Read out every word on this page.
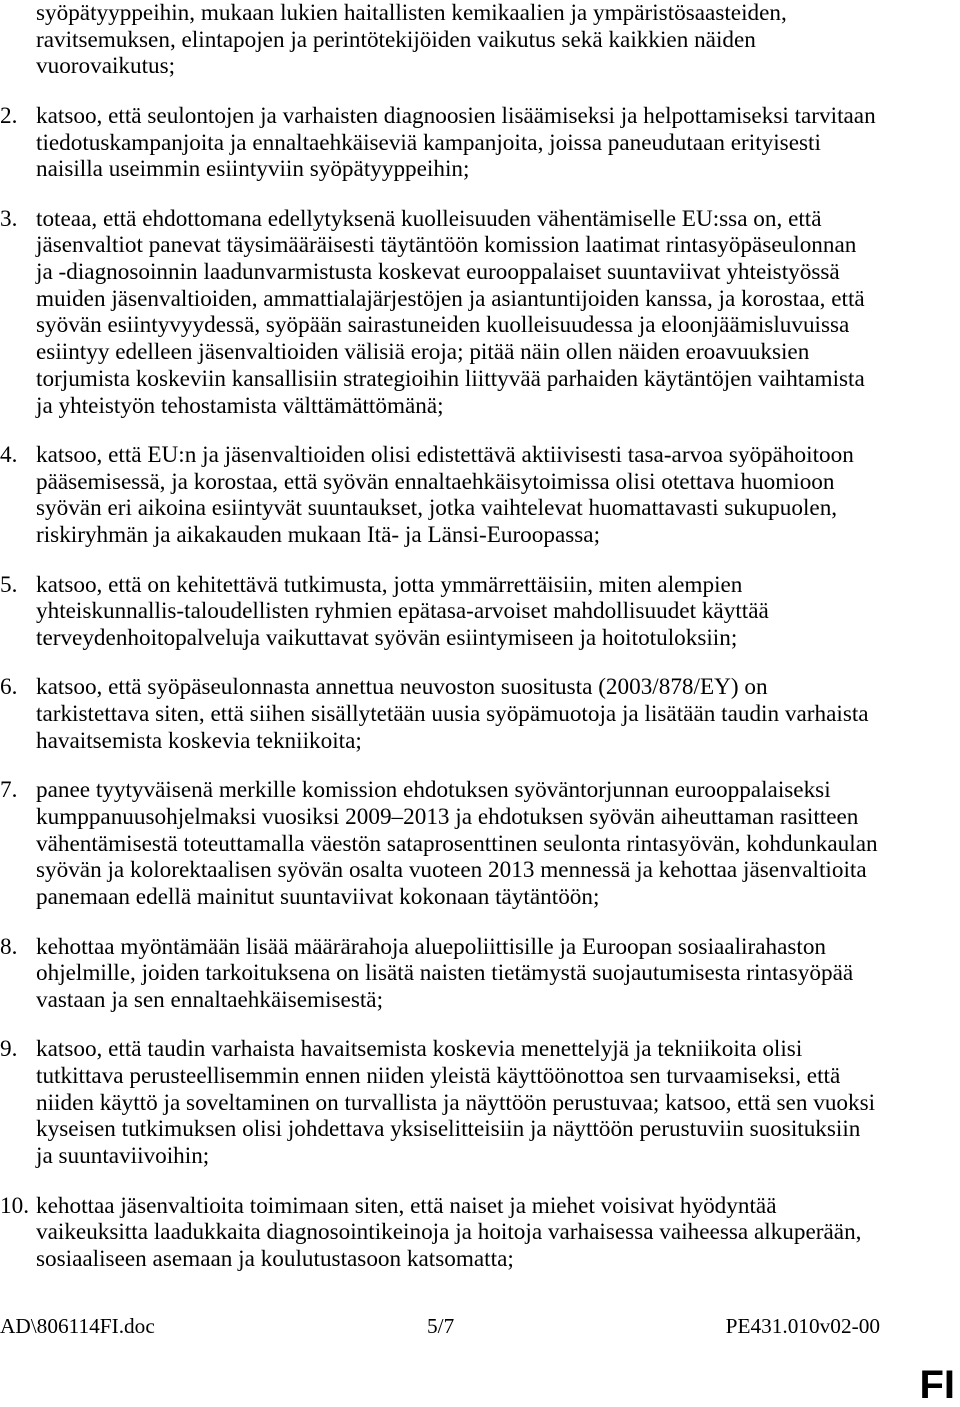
syöpätyyppeihin, mukaan lukien haitallisten kemikaalien ja ympäristösaasteiden,
ravitsemuksen, elintapojen ja perintötekijöiden vaikutus sekä kaikkien näiden
vuorovaikutus;
2. katsoo, että seulontojen ja varhaisten diagnoosien lisäämiseksi ja helpottamiseksi tarvitaan
tiedotuskampanjoita ja ennaltaehkäiseviä kampanjoita, joissa paneudutaan erityisesti
naisilla useimmin esiintyviin syöpätyyppeihin;
3. toteaa, että ehdottomana edellytyksenä kuolleisuuden vähentämiselle EU:ssa on, että
jäsenvaltiot panevat täysimääräisesti täytäntöön komission laatimat rintasyöpäseulonnan
ja -diagnosoinnin laadunvarmistusta koskevat eurooppalaiset suuntaviivat yhteistyössä
muiden jäsenvaltioiden, ammattialajärjestöjen ja asiantuntijoiden kanssa, ja korostaa, että
syövän esiintyvyydessä, syöpään sairastuneiden kuolleisuudessa ja eloonjäämisluvuissa
esiintyy edelleen jäsenvaltioiden välisiä eroja; pitää näin ollen näiden eroavuuksien
torjumista koskeviin kansallisiin strategioihin liittyvää parhaiden käytäntöjen vaihtamista
ja yhteistyön tehostamista välttämättömänä;
4. katsoo, että EU:n ja jäsenvaltioiden olisi edistettävä aktiivisesti tasa-arvoa syöpähoitoon
pääsemisessä, ja korostaa, että syövän ennaltaehkäisytoimissa olisi otettava huomioon
syövän eri aikoina esiintyvät suuntaukset, jotka vaihtelevat huomattavasti sukupuolen,
riskiryhmän ja aikakauden mukaan Itä- ja Länsi-Euroopassa;
5. katsoo, että on kehitettävä tutkimusta, jotta ymmärrettäisiin, miten alempien
yhteiskunnallis-taloudellisten ryhmien epätasa-arvoiset mahdollisuudet käyttää
terveydenhoitopalveluja vaikuttavat syövän esiintymiseen ja hoitotuloksiin;
6. katsoo, että syöpäseulonnasta annettua neuvoston suositusta (2003/878/EY) on
tarkistettava siten, että siihen sisällytetään uusia syöpämuotoja ja lisätään taudin varhaista
havaitsemista koskevia tekniikoita;
7. panee tyytyväisenä merkille komission ehdotuksen syöväntorjunnan eurooppalaiseksi
kumppanuusohjelmaksi vuosiksi 2009–2013 ja ehdotuksen syövän aiheuttaman rasitteen
vähentämisestä toteuttamalla väestön sataprosenttinen seulonta rintasyövän, kohdunkaulan
syövän ja kolorektaalisen syövän osalta vuoteen 2013 mennessä ja kehottaa jäsenvaltioita
panemaan edellä mainitut suuntaviivat kokonaan täytäntöön;
8. kehottaa myöntämään lisää määrärahoja aluepoliittisille ja Euroopan sosiaalirahaston
ohjelmille, joiden tarkoituksena on lisätä naisten tietämystä suojautumisesta rintasyöpää
vastaan ja sen ennaltaehkäisemisestä;
9. katsoo, että taudin varhaista havaitsemista koskevia menettelyjä ja tekniikoita olisi
tutkittava perusteellisemmin ennen niiden yleistä käyttöönottoa sen turvaamiseksi, että
niiden käyttö ja soveltaminen on turvallista ja näyttöön perustuvaa; katsoo, että sen vuoksi
kyseisen tutkimuksen olisi johdettava yksiselitteisiin ja näyttöön perustuviin suosituksiin
ja suuntaviivoihin;
10. kehottaa jäsenvaltioita toimimaan siten, että naiset ja miehet voisivat hyödyntää
vaikeuksitta laadukkaita diagnosointikeinoja ja hoitoja varhaisessa vaiheessa alkuperään,
sosiaaliseen asemaan ja koulutustasoon katsomatta;
AD\806114FI.doc	5/7	PE431.010v02-00
FI
